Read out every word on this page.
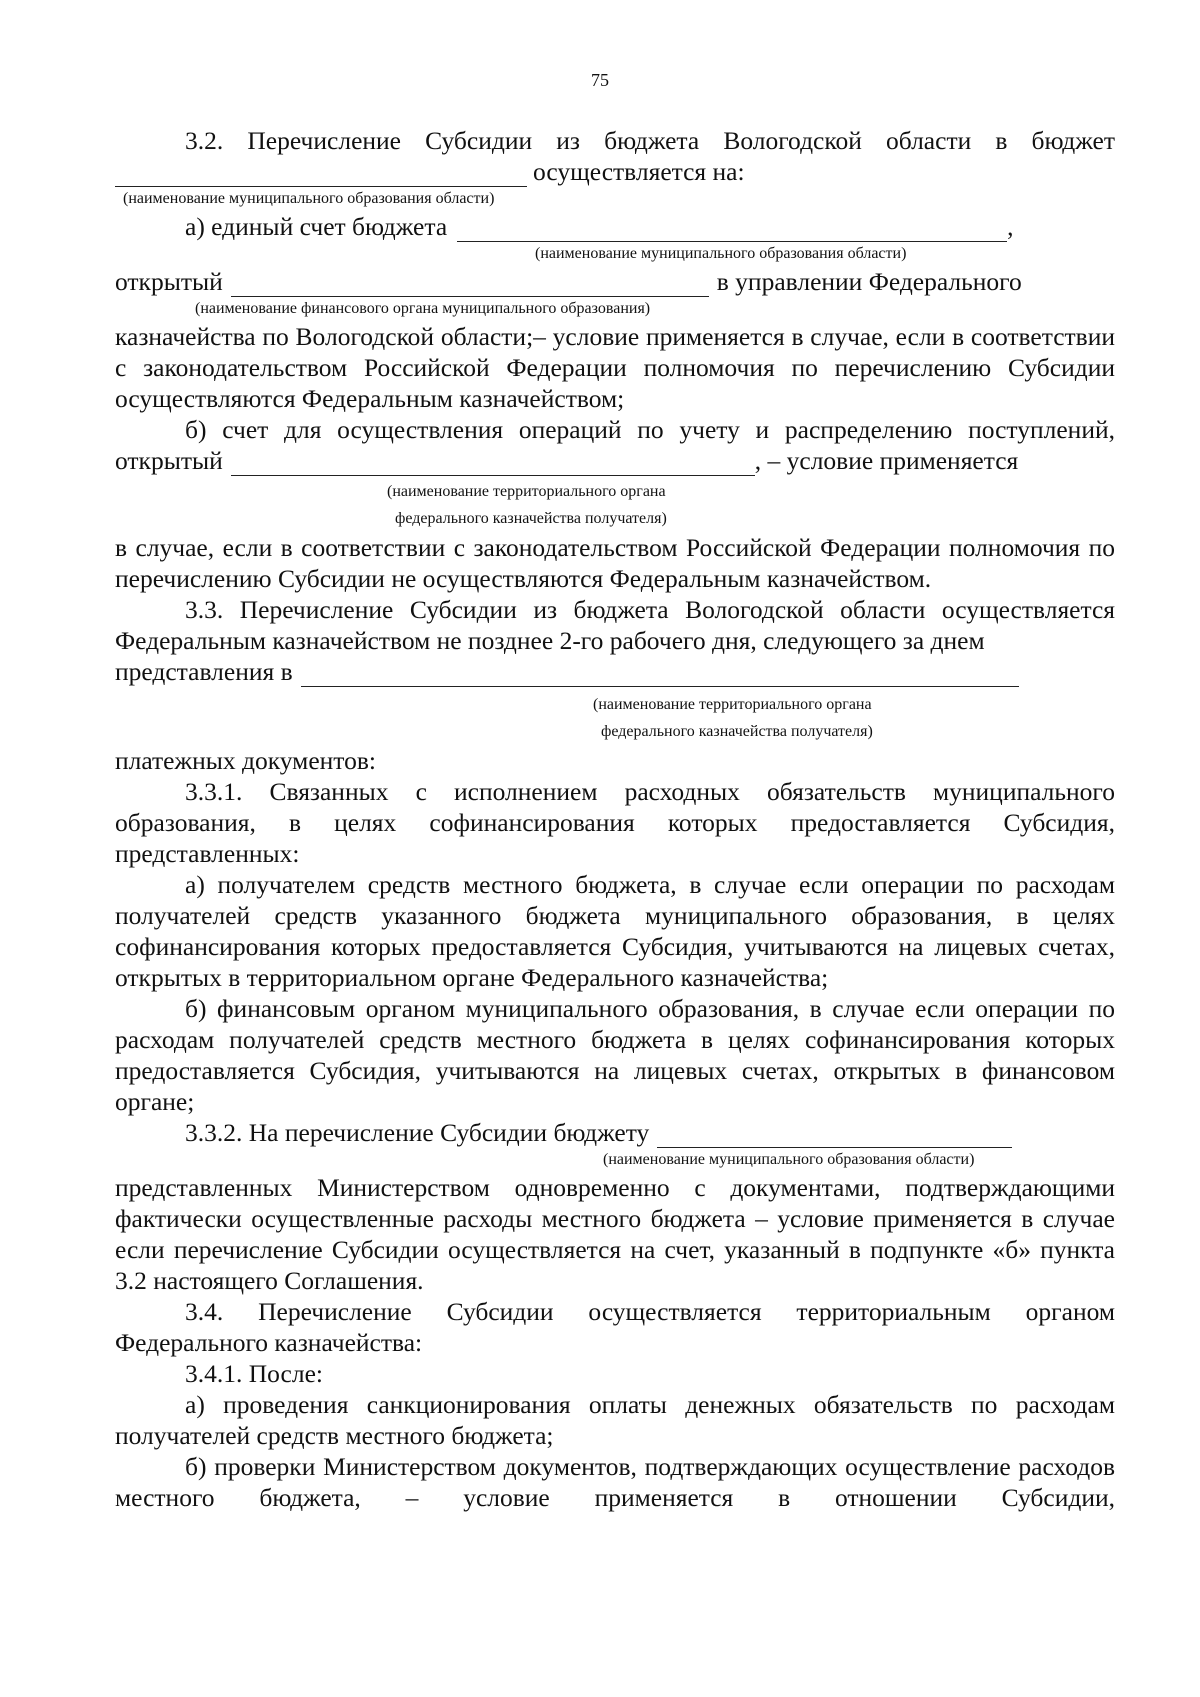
75

3.2. Перечисление Субсидии из бюджета Вологодской области в бюджет

осуществляется на:
(наименование муниципального образования области)
а) единый счет бюджета	,
(наименование муниципального образования области)
открытый	в управлении Федерального
(наименование финансового органа муниципального образования)

казначейства по Вологодской области;– условие применяется в случае, если в соответствии с законодательством Российской Федерации полномочия по перечислению Субсидии осуществляются Федеральным казначейством;

б) счет для осуществления операций по учету и распределению поступлений,

открытый	, – условие применяется
(наименование территориального органа
федерального казначейства получателя)

в случае, если в соответствии с законодательством Российской Федерации полномочия по перечислению Субсидии не осуществляются Федеральным казначейством.

3.3. Перечисление Субсидии из бюджета Вологодской области осуществляется Федеральным казначейством не позднее 2-го рабочего дня, следующего за днем

представления в
(наименование территориального органа
федерального казначейства получателя)

платежных документов:

3.3.1. Связанных с исполнением расходных обязательств муниципального образования, в целях софинансирования которых предоставляется Субсидия, представленных:

а) получателем средств местного бюджета, в случае если операции по расходам получателей средств указанного бюджета муниципального образования, в целях софинансирования которых предоставляется Субсидия, учитываются на лицевых счетах, открытых в территориальном органе Федерального казначейства;

б) финансовым органом муниципального образования, в случае если операции по расходам получателей средств местного бюджета в целях софинансирования которых предоставляется Субсидия, учитываются на лицевых счетах, открытых в финансовом органе;

3.3.2. На перечисление Субсидии бюджету
(наименование муниципального образования области)

представленных Министерством одновременно с документами, подтверждающими фактически осуществленные расходы местного бюджета – условие применяется в случае если перечисление Субсидии осуществляется на счет, указанный в подпункте «б» пункта 3.2 настоящего Соглашения.

3.4. Перечисление Субсидии осуществляется территориальным органом Федерального казначейства:

3.4.1. После:

а) проведения санкционирования оплаты денежных обязательств по расходам получателей средств местного бюджета;

б) проверки Министерством документов, подтверждающих осуществление расходов местного бюджета, – условие применяется в отношении Субсидии,
